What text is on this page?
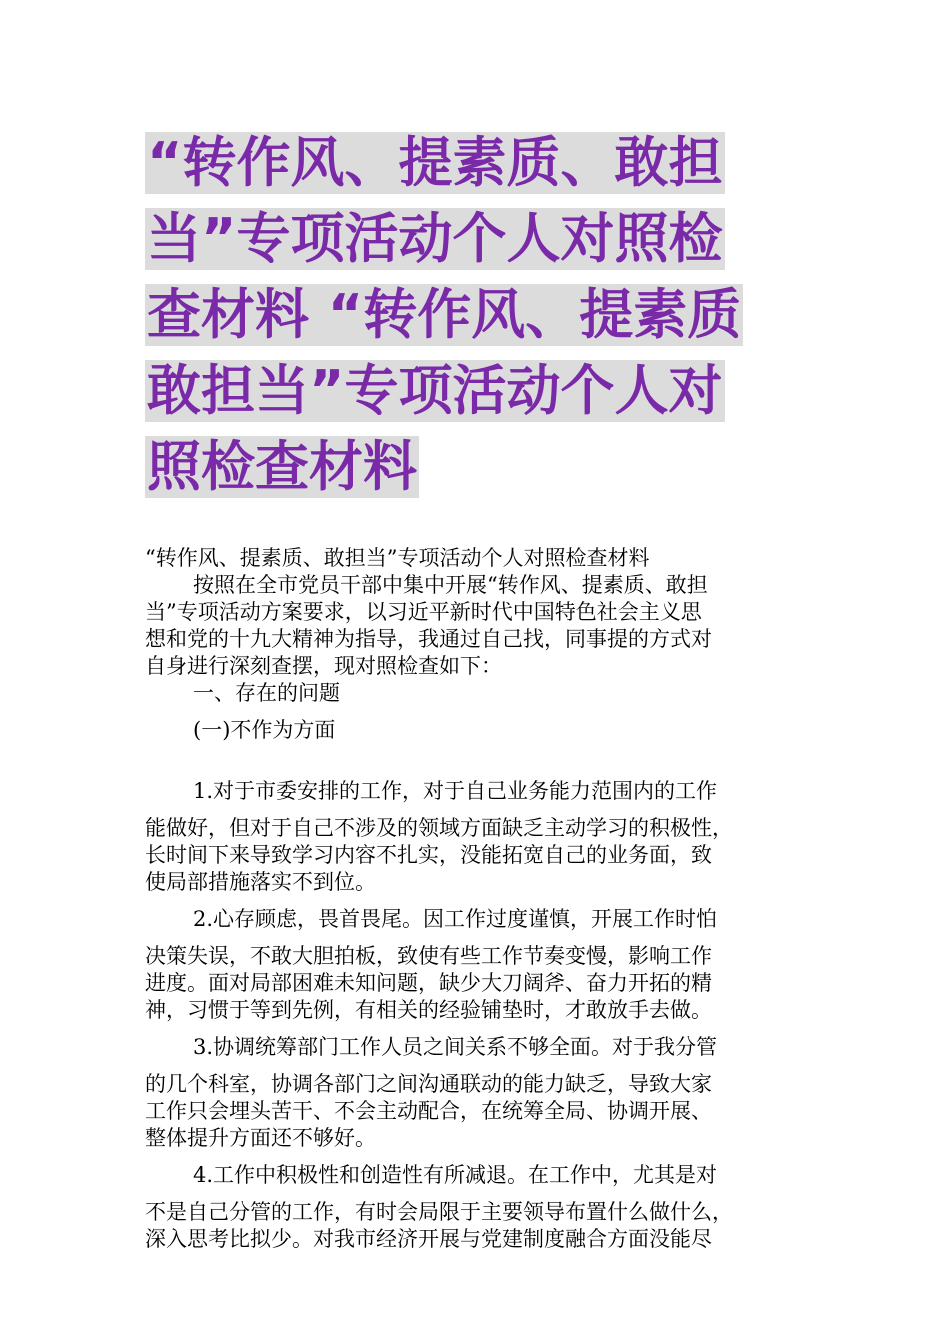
“转作风、提素质、敢担
当”专项活动个人对照检
查材料 “转作风、提素质
敢担当”专项活动个人对
照检查材料

“转作风、提素质、敢担当”专项活动个人对照检查材料

按照在全市党员干部中集中开展“转作风、提素质、敢担

当”专项活动方案要求，以习近平新时代中国特色社会主义思

想和党的十九大精神为指导，我通过自己找，同事提的方式对

自身进行深刻查摆，现对照检查如下：

一、存在的问题

(一)不作为方面

1.对于市委安排的工作，对于自己业务能力范围内的工作

能做好，但对于自己不涉及的领域方面缺乏主动学习的积极性，

长时间下来导致学习内容不扎实，没能拓宽自己的业务面，致

使局部措施落实不到位。

2.心存顾虑，畏首畏尾。因工作过度谨慎，开展工作时怕

决策失误，不敢大胆拍板，致使有些工作节奏变慢，影响工作

进度。面对局部困难未知问题，缺少大刀阔斧、奋力开拓的精

神，习惯于等到先例，有相关的经验铺垫时，才敢放手去做。

3.协调统筹部门工作人员之间关系不够全面。对于我分管

的几个科室，协调各部门之间沟通联动的能力缺乏，导致大家

工作只会埋头苦干、不会主动配合，在统筹全局、协调开展、

整体提升方面还不够好。

4.工作中积极性和创造性有所减退。在工作中，尤其是对

不是自己分管的工作，有时会局限于主要领导布置什么做什么，

深入思考比拟少。对我市经济开展与党建制度融合方面没能尽
